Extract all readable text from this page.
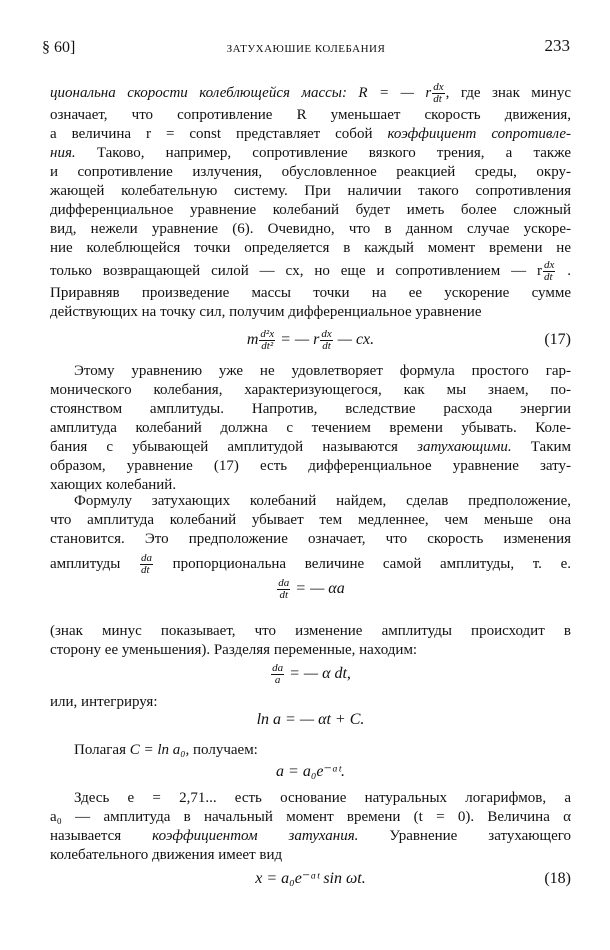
§ 60]	ЗАТУХАЮШИЕ КОЛЕБАНИЯ	233
циональна скорости колеблющейся массы: R = — r $\frac{dx}{dt}$ , где знак минус
означает, что сопротивление R уменьшает скорость движения,
а величина r = const представляет собой коэффициент сопротивле-
ния. Таково, например, сопротивление вязкого трения, а также
и сопротивление излучения, обусловленное реакцией среды, окру-
жающей колебательную систему. При наличии такого сопротивления
дифференциальное уравнение колебаний будет иметь более сложный
вид, нежели уравнение (6). Очевидно, что в данном случае ускоре-
ние колеблющейся точки определяется в каждый момент времени не
только возвращающей силой — cx, но еще и сопротивлением — r $\frac{dx}{dt}$ .
Приравняв произведение массы точки на ее ускорение сумме
действующих на точку сил, получим дифференциальное уравнение
m $\frac{\text{d²x}}{\text{dt²}}$ = — r $\frac{dx}{dt}$ — cx.	(17)
Этому уравнению уже не удовлетворяет формула простого гар-
монического колебания, характеризующегося, как мы знаем, по-
стоянством амплитуды. Напротив, вследствие расхода энергии
амплитуда колебаний должна с течением времени убывать. Коле-
бания с убывающей амплитудой называются затухающими. Таким
образом, уравнение (17) есть дифференциальное уравнение зату-
хающих колебаний.
Формулу затухающих колебаний найдем, сделав предположение,
что амплитуда колебаний убывает тем медленнее, чем меньше она
становится. Это предположение означает, что скорость изменения
амплитуды $\frac{da}{dt}$ пропорциональна величине самой амплитуды, т. е.
$\frac{da}{dt}$ = — αa
(знак минус показывает, что изменение амплитуды происходит в
сторону ее уменьшения). Разделяя переменные, находим:
$\frac{da}{a}$ = — α dt,
или, интегрируя:
ln a = — αt + C.
Полагая C = ln a₀, получаем:
a = a₀e⁻ᵅᵗ.
Здесь e = 2,71... есть основание натуральных логарифмов, а
a₀ — амплитуда в начальный момент времени (t = 0). Величина α
называется коэффициентом затухания. Уравнение затухающего
колебательного движения имеет вид
x = a₀e⁻ᵅᵗ sin ωt.	(18)
